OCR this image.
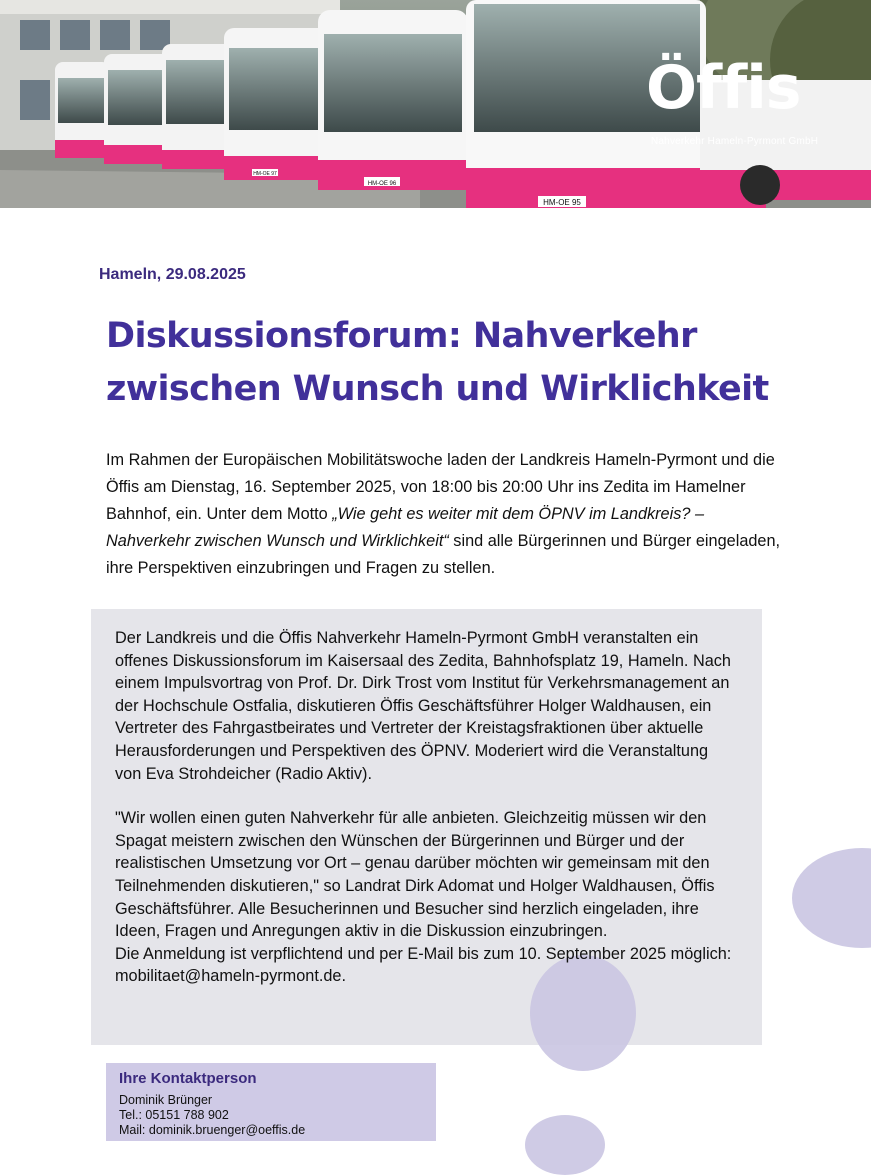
HM-OE 95
HM-OE 96
HM-OE 97
Öffis
Nahverkehr Hameln-Pyrmont GmbH
Hameln, 29.08.2025
Diskussionsforum: Nahverkehr zwischen Wunsch und Wirklichkeit

Im Rahmen der Europäischen Mobilitätswoche laden der Landkreis Hameln-Pyrmont und die Öffis am Dienstag, 16. September 2025, von 18:00 bis 20:00 Uhr ins Zedita im Hamelner Bahnhof, ein. Unter dem Motto „Wie geht es weiter mit dem ÖPNV im Landkreis? – Nahverkehr zwischen Wunsch und Wirklichkeit“ sind alle Bürgerinnen und Bürger eingeladen, ihre Perspektiven einzubringen und Fragen zu stellen.

Der Landkreis und die Öffis Nahverkehr Hameln-Pyrmont GmbH veranstalten ein offenes Diskussionsforum im Kaisersaal des Zedita, Bahnhofsplatz 19, Hameln. Nach einem Impulsvortrag von Prof. Dr. Dirk Trost vom Institut für Verkehrsmanagement an der Hochschule Ostfalia, diskutieren Öffis Geschäftsführer Holger Waldhausen, ein Vertreter des Fahrgastbeirates und Vertreter der Kreistagsfraktionen über aktuelle Herausforderungen und Perspektiven des ÖPNV. Moderiert wird die Veranstaltung von Eva Strohdeicher (Radio Aktiv).

"Wir wollen einen guten Nahverkehr für alle anbieten. Gleichzeitig müssen wir den Spagat meistern zwischen den Wünschen der Bürgerinnen und Bürger und der realistischen Umsetzung vor Ort – genau darüber möchten wir gemeinsam mit den Teilnehmenden diskutieren," so Landrat Dirk Adomat und Holger Waldhausen, Öffis Geschäftsführer. Alle Besucherinnen und Besucher sind herzlich eingeladen, ihre Ideen, Fragen und Anregungen aktiv in die Diskussion einzubringen.

Die Anmeldung ist verpflichtend und per E-Mail bis zum 10. September 2025 möglich: mobilitaet@hameln-pyrmont.de.

Ihre Kontaktperson
Dominik Brünger
Tel.: 05151 788 902
Mail: dominik.bruenger@oeffis.de
